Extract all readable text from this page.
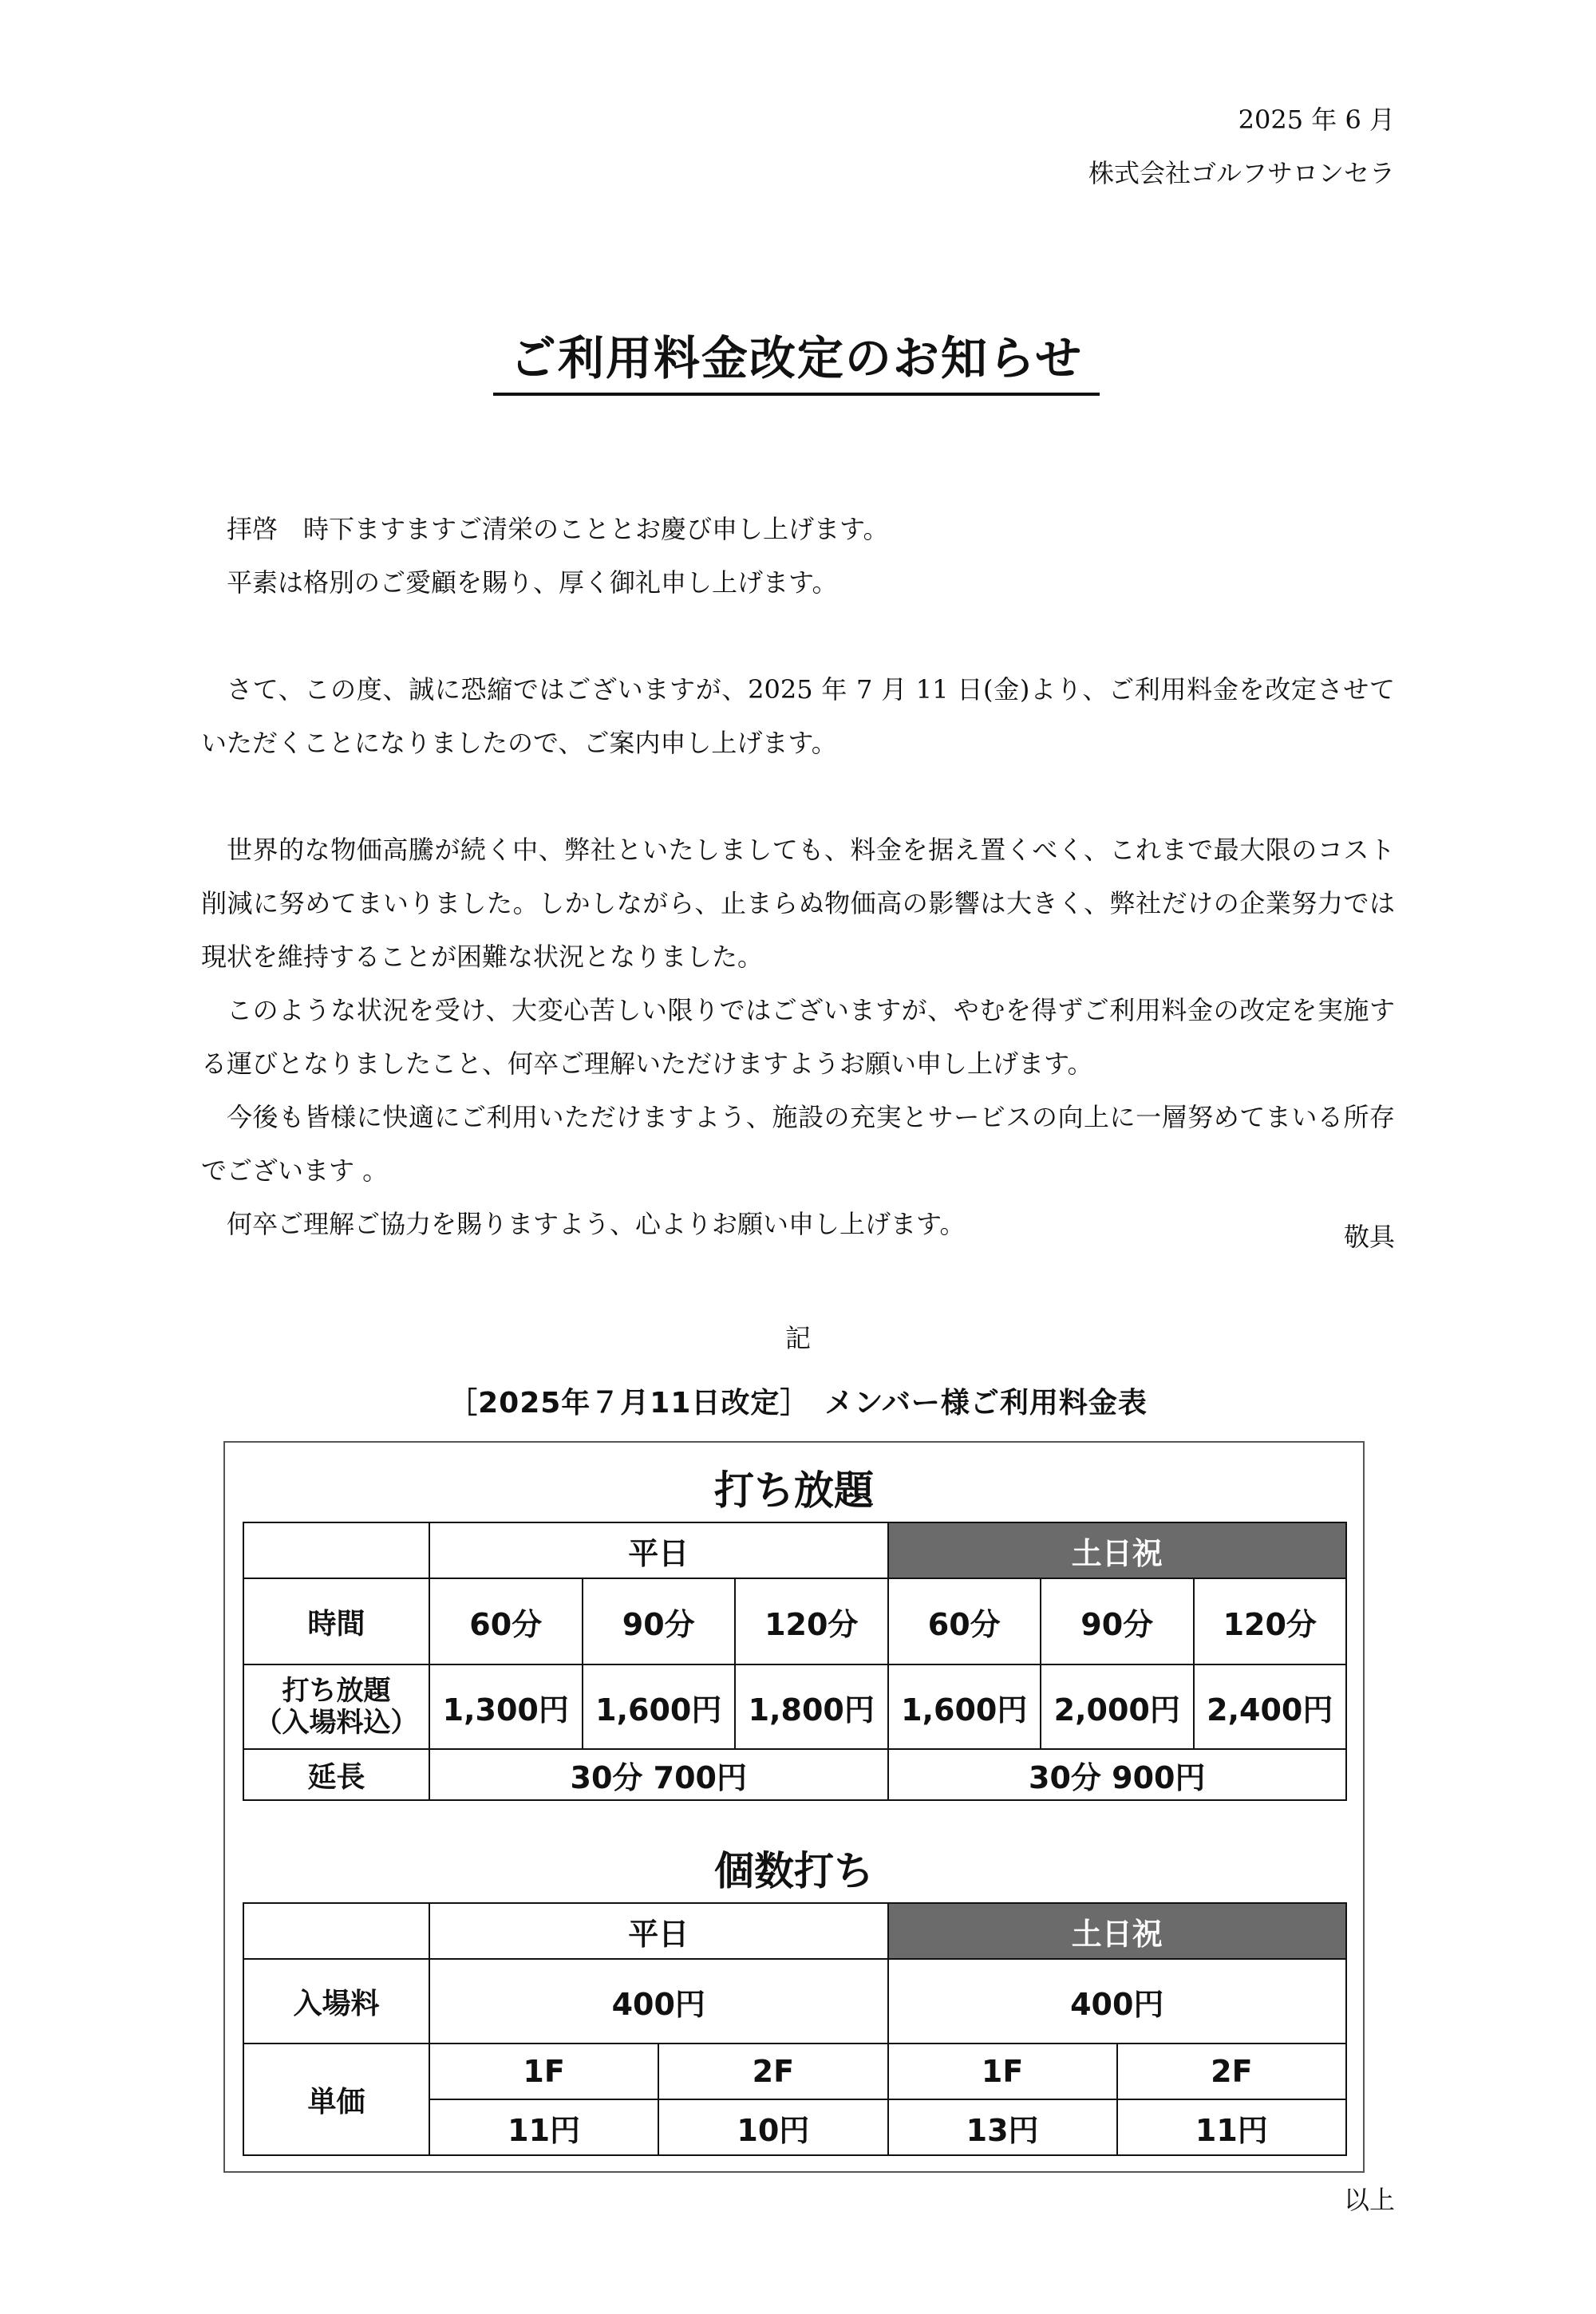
2025 年 6 月
株式会社ゴルフサロンセラ
ご利用料金改定のお知らせ

拝啓　時下ますますご清栄のこととお慶び申し上げます。

平素は格別のご愛顧を賜り、厚く御礼申し上げます。

さて、この度、誠に恐縮ではございますが、2025 年 7 月 11 日(金)より、ご利用料金を改定させていただくことになりましたので、ご案内申し上げます。

世界的な物価高騰が続く中、弊社といたしましても、料金を据え置くべく、これまで最大限のコスト削減に努めてまいりました。しかしながら、止まらぬ物価高の影響は大きく、弊社だけの企業努力では現状を維持することが困難な状況となりました。

このような状況を受け、大変心苦しい限りではございますが、やむを得ずご利用料金の改定を実施する運びとなりましたこと、何卒ご理解いただけますようお願い申し上げます。

今後も皆様に快適にご利用いただけますよう、施設の充実とサービスの向上に一層努めてまいる所存でございます 。

何卒ご理解ご協力を賜りますよう、心よりお願い申し上げます。	敬具
記
［2025年７月11日改定］　メンバー様ご利用料金表
打ち放題
	平日			土日祝		
時間	60分	90分	120分	60分	90分	120分

打ち放題
（入場料込）	1,300円	1,600円	1,800円	1,600円	2,000円	2,400円
延長	30分 700円			30分 900円		
個数打ち
	平日		土日祝	
入場料	400円		400円	
単価	1F	2F	1F	2F
	11円	10円	13円	11円
以上
